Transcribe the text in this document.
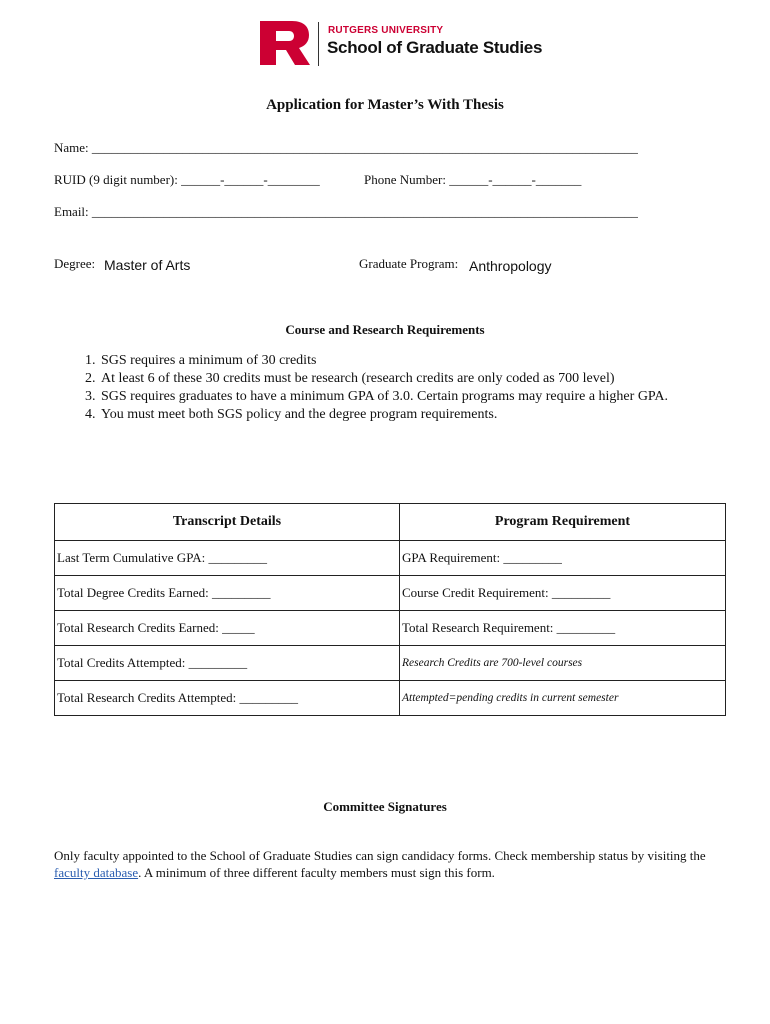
RUTGERS UNIVERSITY
School of Graduate Studies
Application for Master’s With Thesis
Name: ____________________________________________________________________________________
RUID (9 digit number): ______-______-________	Phone Number: ______-______-_______
Email: ____________________________________________________________________________________
Degree: Master of Arts	Graduate Program: Anthropology
Course and Research Requirements
1. SGS requires a minimum of 30 credits
2. At least 6 of these 30 credits must be research (research credits are only coded as 700 level)
3. SGS requires graduates to have a minimum GPA of 3.0. Certain programs may require a higher GPA.
4. You must meet both SGS policy and the degree program requirements.
Transcript Details	Program Requirement
Last Term Cumulative GPA: _________	GPA Requirement: _________
Total Degree Credits Earned: _________	Course Credit Requirement: _________
Total Research Credits Earned: _____	Total Research Requirement: _________
Total Credits Attempted: _________	Research Credits are 700-level courses
Total Research Credits Attempted: _________	Attempted=pending credits in current semester
Committee Signatures
Only faculty appointed to the School of Graduate Studies can sign candidacy forms. Check membership status by visiting the faculty database. A minimum of three different faculty members must sign this form.
